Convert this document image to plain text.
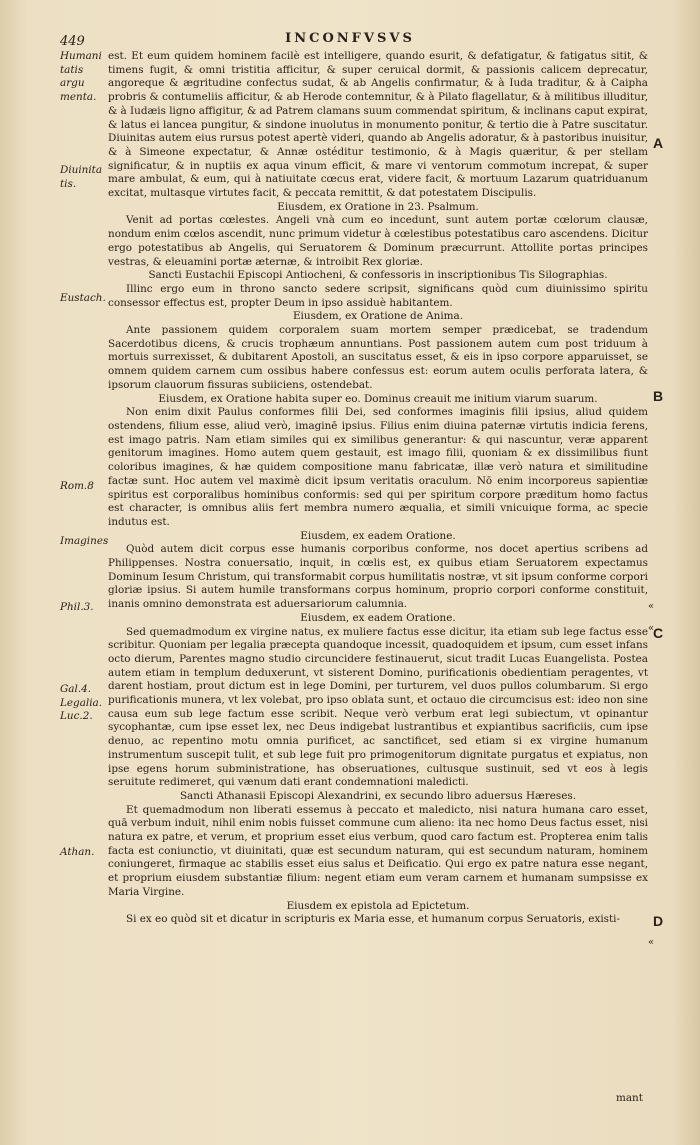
449	INCONFVSVS
Humani tatis argu menta.
Diuinita tis.
Eustach.
Rom.8
Imagines
Phil.3.
Gal.4. Legalia. Luc.2.
Athan.
A
B
C
D
«
«
«

est. Et eum quidem hominem facilè est intelligere, quando esurit, & defatigatur, & fatigatus sitit, & timens fugit, & omni tristitia afficitur, & super ceruical dormit, & passionis calicem deprecatur, angoreque & ægritudine confectus sudat, & ab Angelis confirmatur, & à Iuda traditur, & à Caipha probris & contumeliis afficitur, & ab Herode contemnitur, & à Pilato flagellatur, & à militibus illuditur, & à Iudæis ligno affigitur, & ad Patrem clamans suum commendat spiritum, & inclinans caput expirat, & latus ei lancea pungitur, & sindone inuolutus in monumento ponitur, & tertio die à Patre suscitatur. Diuinitas autem eius rursus potest apertè videri, quando ab Angelis adoratur, & à pastoribus inuisitur, & à Simeone expectatur, & Annæ ostéditur testimonio, & à Magis quæritur, & per stellam significatur, & in nuptiis ex aqua vinum efficit, & mare vi ventorum commotum increpat, & super mare ambulat, & eum, qui à natiuitate cœcus erat, videre facit, & mortuum Lazarum quatriduanum excitat, multasque virtutes facit, & peccata remittit, & dat potestatem Discipulis.

Eiusdem, ex Oratione in 23. Psalmum.

Venit ad portas cœlestes. Angeli vnà cum eo incedunt, sunt autem portæ cœlorum clausæ, nondum enim cœlos ascendit, nunc primum videtur à cœlestibus potestatibus caro ascendens. Dicitur ergo potestatibus ab Angelis, qui Seruatorem & Dominum præcurrunt. Attollite portas principes vestras, & eleuamini portæ æternæ, & introibit Rex gloriæ.

Sancti Eustachii Episcopi Antiocheni, & confessoris in inscriptionibus Tis Silographias.

Illinc ergo eum in throno sancto sedere scripsit, significans quòd cum diuinissimo spiritu consessor effectus est, propter Deum in ipso assiduè habitantem.

Eiusdem, ex Oratione de Anima.

Ante passionem quidem corporalem suam mortem semper prædicebat, se tradendum Sacerdotibus dicens, & crucis trophæum annuntians. Post passionem autem cum post triduum à mortuis surrexisset, & dubitarent Apostoli, an suscitatus esset, & eis in ipso corpore apparuisset, se omnem quidem carnem cum ossibus habere confessus est: eorum autem oculis perforata latera, & ipsorum clauorum fissuras subiiciens, ostendebat.

Eiusdem, ex Oratione habita super eo. Dominus creauit me initium viarum suarum.

Non enim dixit Paulus conformes filii Dei, sed conformes imaginis filii ipsius, aliud quidem ostendens, filium esse, aliud verò, imaginē ipsius. Filius enim diuina paternæ virtutis indicia ferens, est imago patris. Nam etiam similes qui ex similibus generantur: & qui nascuntur, veræ apparent genitorum imagines. Homo autem quem gestauit, est imago filii, quoniam & ex dissimilibus fiunt coloribus imagines, & hæ quidem compositione manu fabricatæ, illæ verò natura et similitudine factæ sunt. Hoc autem vel maximè dicit ipsum veritatis oraculum. Nō enim incorporeus sapientiæ spiritus est corporalibus hominibus conformis: sed qui per spiritum corpore præditum homo factus est character, is omnibus aliis fert membra numero æqualia, et simili vnicuique forma, ac specie indutus est.

Eiusdem, ex eadem Oratione.

Quòd autem dicit corpus esse humanis corporibus conforme, nos docet apertius scribens ad Philippenses. Nostra conuersatio, inquit, in cœlis est, ex quibus etiam Seruatorem expectamus Dominum Iesum Christum, qui transformabit corpus humilitatis nostræ, vt sit ipsum conforme corpori gloriæ ipsius. Si autem humile transformans corpus hominum, proprio corpori conforme constituit, inanis omnino demonstrata est aduersariorum calumnia.

Eiusdem, ex eadem Oratione.

Sed quemadmodum ex virgine natus, ex muliere factus esse dicitur, ita etiam sub lege factus esse scribitur. Quoniam per legalia præcepta quandoque incessit, quadoquidem et ipsum, cum esset infans octo dierum, Parentes magno studio circuncidere festinauerut, sicut tradit Lucas Euangelista. Postea autem etiam in templum deduxerunt, vt sisterent Domino, purificationis obedientiam peragentes, vt darent hostiam, prout dictum est in lege Domini, per turturem, vel duos pullos columbarum. Si ergo purificationis munera, vt lex volebat, pro ipso oblata sunt, et octauo die circumcisus est: ideo non sine causa eum sub lege factum esse scribit. Neque verò verbum erat legi subiectum, vt opinantur sycophantæ, cum ipse esset lex, nec Deus indigebat lustrantibus et expiantibus sacrificiis, cum ipse denuo, ac repentino motu omnia purificet, ac sanctificet, sed etiam si ex virgine humanum instrumentum suscepit tulit, et sub lege fuit pro primogenitorum dignitate purgatus et expiatus, non ipse egens horum subministratione, has obseruationes, cultusque sustinuit, sed vt eos à legis seruitute redimeret, qui vænum dati erant condemnationi maledicti.

Sancti Athanasii Episcopi Alexandrini, ex secundo libro aduersus Hæreses.

Et quemadmodum non liberati essemus à peccato et maledicto, nisi natura humana caro esset, quā verbum induit, nihil enim nobis fuisset commune cum alieno: ita nec homo Deus factus esset, nisi natura ex patre, et verum, et proprium esset eius verbum, quod caro factum est. Propterea enim talis facta est coniunctio, vt diuinitati, quæ est secundum naturam, qui est secundum naturam, hominem coniungeret, firmaque ac stabilis esset eius salus et Deificatio. Qui ergo ex patre natura esse negant, et proprium eiusdem substantiæ filium: negent etiam eum veram carnem et humanam sumpsisse ex Maria Virgine.

Eiusdem ex epistola ad Epictetum.

Si ex eo quòd sit et dicatur in scripturis ex Maria esse, et humanum corpus Seruatoris, existi-

mant
